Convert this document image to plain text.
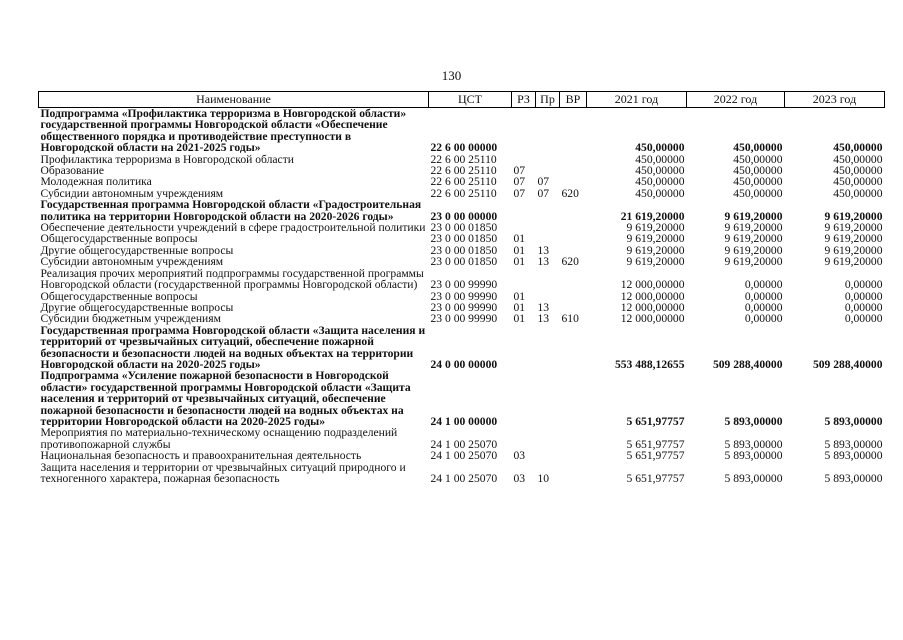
130
Наименование	ЦСТ	РЗ	Пр	ВР	2021 год	2022 год	2023 год
Подпрограмма «Профилактика терроризма в Новгородской области» государственной программы Новгородской области «Обеспечение общественного порядка и противодействие преступности в Новгородской области на 2021-2025 годы»	22 6 00 00000				450,00000	450,00000	450,00000
Профилактика терроризма в Новгородской области	22 6 00 25110				450,00000	450,00000	450,00000
Образование	22 6 00 25110	07			450,00000	450,00000	450,00000
Молодежная политика	22 6 00 25110	07	07		450,00000	450,00000	450,00000
Субсидии автономным учреждениям	22 6 00 25110	07	07	620	450,00000	450,00000	450,00000
Государственная программа Новгородской области «Градостроительная политика на территории Новгородской области на 2020-2026 годы»	23 0 00 00000				21 619,20000	9 619,20000	9 619,20000
Обеспечение деятельности учреждений в сфере градостроительной политики	23 0 00 01850				9 619,20000	9 619,20000	9 619,20000
Общегосударственные вопросы	23 0 00 01850	01			9 619,20000	9 619,20000	9 619,20000
Другие общегосударственные вопросы	23 0 00 01850	01	13		9 619,20000	9 619,20000	9 619,20000
Субсидии автономным учреждениям	23 0 00 01850	01	13	620	9 619,20000	9 619,20000	9 619,20000
Реализация прочих мероприятий подпрограммы государственной программы Новгородской области (государственной программы Новгородской области)	23 0 00 99990				12 000,00000	0,00000	0,00000
Общегосударственные вопросы	23 0 00 99990	01			12 000,00000	0,00000	0,00000
Другие общегосударственные вопросы	23 0 00 99990	01	13		12 000,00000	0,00000	0,00000
Субсидии бюджетным учреждениям	23 0 00 99990	01	13	610	12 000,00000	0,00000	0,00000
Государственная программа Новгородской области «Защита населения и территорий от чрезвычайных ситуаций, обеспечение пожарной безопасности и безопасности людей на водных объектах на территории Новгородской области на 2020-2025 годы»	24 0 00 00000				553 488,12655	509 288,40000	509 288,40000
Подпрограмма «Усиление пожарной безопасности в Новгородской области» государственной программы Новгородской области «Защита населения и территорий от чрезвычайных ситуаций, обеспечение пожарной безопасности и безопасности людей на водных объектах на территории Новгородской области на 2020-2025 годы»	24 1 00 00000				5 651,97757	5 893,00000	5 893,00000
Мероприятия по материально-техническому оснащению подразделений противопожарной службы	24 1 00 25070				5 651,97757	5 893,00000	5 893,00000
Национальная безопасность и правоохранительная деятельность	24 1 00 25070	03			5 651,97757	5 893,00000	5 893,00000
Защита населения и территории от чрезвычайных ситуаций природного и техногенного характера, пожарная безопасность	24 1 00 25070	03	10		5 651,97757	5 893,00000	5 893,00000
